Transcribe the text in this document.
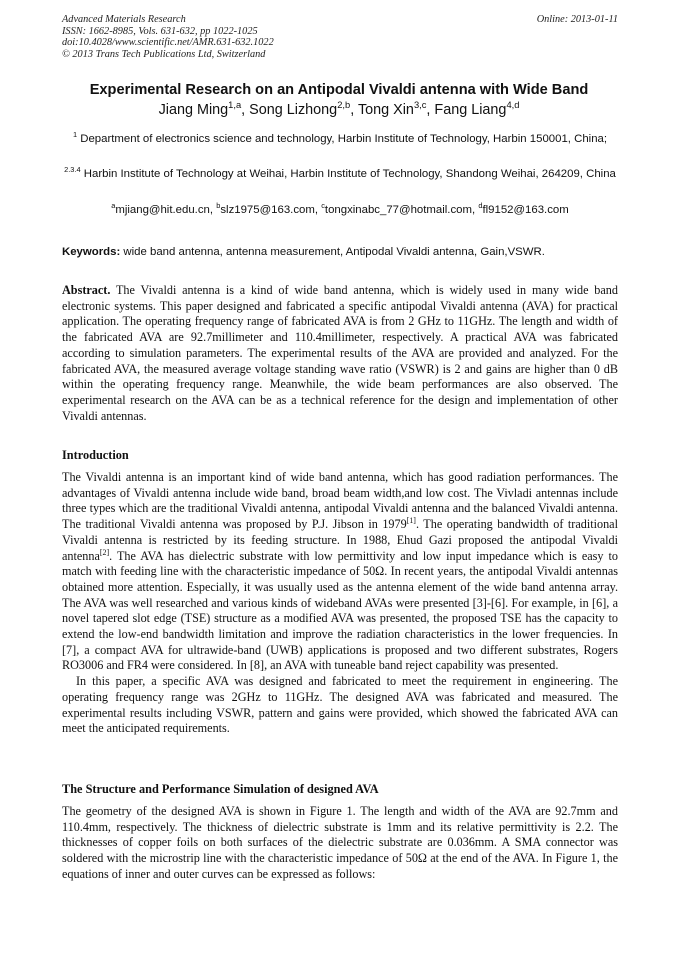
Advanced Materials Research
ISSN: 1662-8985, Vols. 631-632, pp 1022-1025
doi:10.4028/www.scientific.net/AMR.631-632.1022
© 2013 Trans Tech Publications Ltd, Switzerland
Online: 2013-01-11
Experimental Research on an Antipodal Vivaldi antenna with Wide Band
Jiang Ming$^{1,a}$, Song Lizhong$^{2,b}$, Tong Xin$^{3,c}$, Fang Liang$^{4,d}$
$^1$ Department of electronics science and technology, Harbin Institute of Technology, Harbin 150001, China;
$^{2.3.4}$ Harbin Institute of Technology at Weihai, Harbin Institute of Technology, Shandong Weihai, 264209, China
$^a$mjiang@hit.edu.cn, $^b$slz1975@163.com, $^c$tongxinabc_77@hotmail.com, $^d$fl9152@163.com
Keywords: wide band antenna, antenna measurement, Antipodal Vivaldi antenna, Gain,VSWR.

Abstract. The Vivaldi antenna is a kind of wide band antenna, which is widely used in many wide band electronic systems. This paper designed and fabricated a specific antipodal Vivaldi antenna (AVA) for practical application. The operating frequency range of fabricated AVA is from 2 GHz to 11GHz. The length and width of the fabricated AVA are 92.7millimeter and 110.4millimeter, respectively. A practical AVA was fabricated according to simulation parameters. The experimental results of the AVA are provided and analyzed. For the fabricated AVA, the measured average voltage standing wave ratio (VSWR) is 2 and gains are higher than 0 dB within the operating frequency range. Meanwhile, the wide beam performances are also observed. The experimental research on the AVA can be as a technical reference for the design and implementation of other Vivaldi antennas.

Introduction

The Vivaldi antenna is an important kind of wide band antenna, which has good radiation performances. The advantages of Vivaldi antenna include wide band, broad beam width,and low cost. The Vivladi antennas include three types which are the traditional Vivaldi antenna, antipodal Vivaldi antenna and the balanced Vivaldi antenna. The traditional Vivaldi antenna was proposed by P.J. Jibson in 1979[1]. The operating bandwidth of traditional Vivaldi antenna is restricted by its feeding structure. In 1988, Ehud Gazi proposed the antipodal Vivaldi antenna[2]. The AVA has dielectric substrate with low permittivity and low input impedance which is easy to match with feeding line with the characteristic impedance of 50Ω. In recent years, the antipodal Vivaldi antennas obtained more attention. Especially, it was usually used as the antenna element of the wide band antenna array. The AVA was well researched and various kinds of wideband AVAs were presented [3]-[6]. For example, in [6], a novel tapered slot edge (TSE) structure as a modified AVA was presented, the proposed TSE has the capacity to extend the low-end bandwidth limitation and improve the radiation characteristics in the lower frequencies. In [7], a compact AVA for ultrawide-band (UWB) applications is proposed and two different substrates, Rogers RO3006 and FR4 were considered. In [8], an AVA with tuneable band reject capability was presented.

In this paper, a specific AVA was designed and fabricated to meet the requirement in engineering. The operating frequency range was 2GHz to 11GHz. The designed AVA was fabricated and measured. The experimental results including VSWR, pattern and gains were provided, which showed the fabricated AVA can meet the anticipated requirements.

The Structure and Performance Simulation of designed AVA

The geometry of the designed AVA is shown in Figure 1. The length and width of the AVA are 92.7mm and 110.4mm, respectively. The thickness of dielectric substrate is 1mm and its relative permittivity is 2.2. The thicknesses of copper foils on both surfaces of the dielectric substrate are 0.036mm. A SMA connector was soldered with the microstrip line with the characteristic impedance of 50Ω at the end of the AVA. In Figure 1, the equations of inner and outer curves can be expressed as follows:
